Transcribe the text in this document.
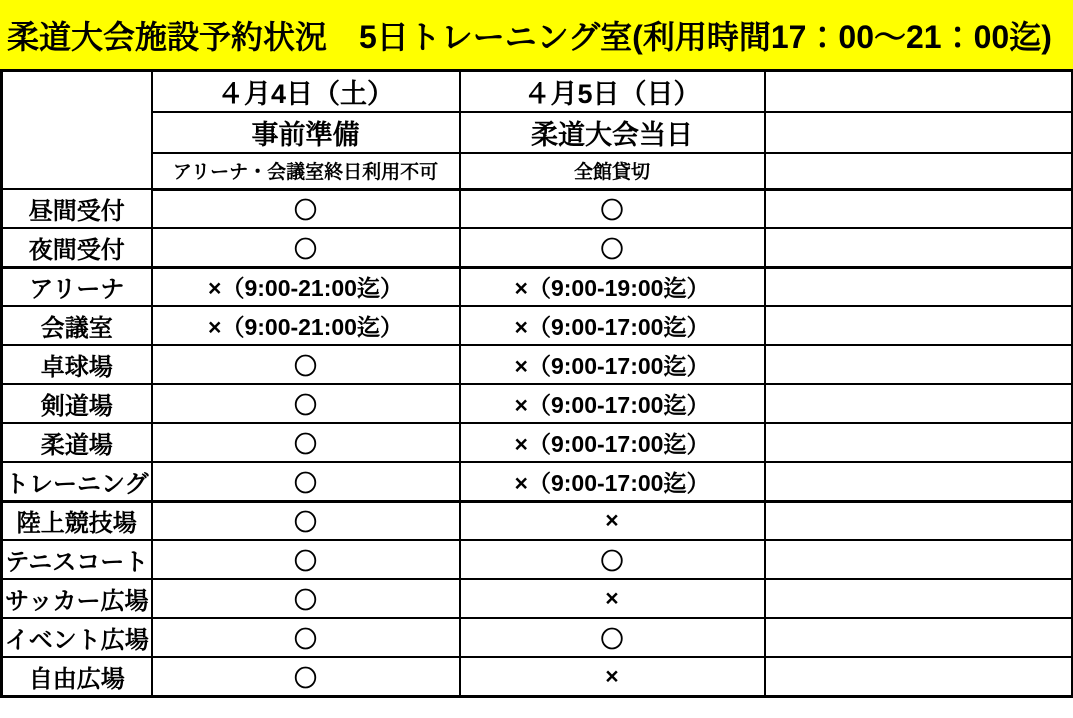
柔道大会施設予約状況　5日トレーニング室(利用時間17：00～21：00迄)
	４月4日（土）	４月5日（日）	
	事前準備	柔道大会当日	
	アリーナ・会議室終日利用不可	全館貸切	
昼間受付	〇	〇	
夜間受付	〇	〇	
アリーナ	×（9:00-21:00迄）	×（9:00-19:00迄）	
会議室	×（9:00-21:00迄）	×（9:00-17:00迄）	
卓球場	〇	×（9:00-17:00迄）	
剣道場	〇	×（9:00-17:00迄）	
柔道場	〇	×（9:00-17:00迄）	
トレーニング	〇	×（9:00-17:00迄）	
陸上競技場	〇	×	
テニスコート	〇	〇	
サッカー広場	〇	×	
イベント広場	〇	〇	
自由広場	〇	×	
